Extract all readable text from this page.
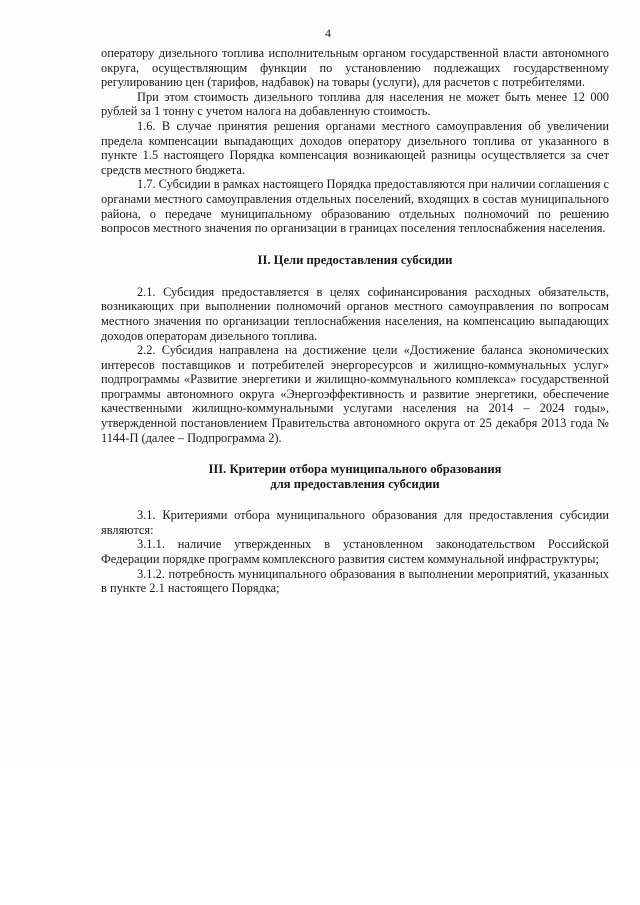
4

оператору дизельного топлива исполнительным органом государственной власти автономного округа, осуществляющим функции по установлению подлежащих государственному регулированию цен (тарифов, надбавок) на товары (услуги), для расчетов с потребителями.

При этом стоимость дизельного топлива для населения не может быть менее 12 000 рублей за 1 тонну с учетом налога на добавленную стоимость.

1.6. В случае принятия решения органами местного самоуправления об увеличении предела компенсации выпадающих доходов оператору дизельного топлива от указанного в пункте 1.5 настоящего Порядка компенсация возникающей разницы осуществляется за счет средств местного бюджета.

1.7. Субсидии в рамках настоящего Порядка предоставляются при наличии соглашения с органами местного самоуправления отдельных поселений, входящих в состав муниципального района, о передаче муниципальному образованию отдельных полномочий по решению вопросов местного значения по организации в границах поселения теплоснабжения населения.

II. Цели предоставления субсидии

2.1. Субсидия предоставляется в целях софинансирования расходных обязательств, возникающих при выполнении полномочий органов местного самоуправления по вопросам местного значения по организации теплоснабжения населения, на компенсацию выпадающих доходов операторам дизельного топлива.

2.2. Субсидия направлена на достижение цели «Достижение баланса экономических интересов поставщиков и потребителей энергоресурсов и жилищно-коммунальных услуг» подпрограммы «Развитие энергетики и жилищно-коммунального комплекса» государственной программы автономного округа «Энергоэффективность и развитие энергетики, обеспечение качественными жилищно-коммунальными услугами населения на 2014 – 2024 годы», утвержденной постановлением Правительства автономного округа от 25 декабря 2013 года № 1144-П (далее – Подпрограмма 2).

III. Критерии отбора муниципального образования

для предоставления субсидии

3.1. Критериями отбора муниципального образования для предоставления субсидии являются:

3.1.1. наличие утвержденных в установленном законодательством Российской Федерации порядке программ комплексного развития систем коммунальной инфраструктуры;

3.1.2. потребность муниципального образования в выполнении мероприятий, указанных в пункте 2.1 настоящего Порядка;
